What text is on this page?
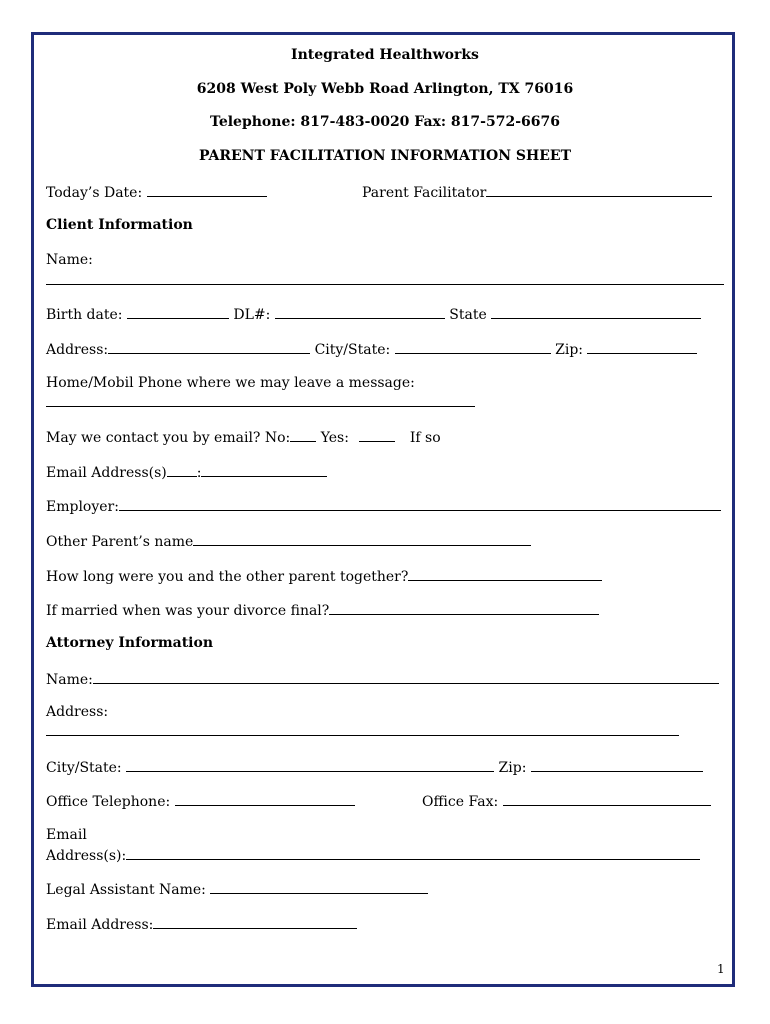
Integrated Healthworks
6208 West Poly Webb Road Arlington, TX 76016
Telephone: 817-483-0020 Fax: 817-572-6676
PARENT FACILITATION INFORMATION SHEET
Today’s Date:	Parent Facilitator
Client Information
Name:
Birth date:	DL#:	State
Address:	City/State:	Zip:
Home/Mobil Phone where we may leave a message:
May we contact you by email? No: Yes:	If so
Email Address(s) :
Employer:
Other Parent’s name
How long were you and the other parent together?
If married when was your divorce final?
Attorney Information
Name:
Address:
City/State:	Zip:
Office Telephone:	Office Fax:
Email
Address(s):
Legal Assistant Name:
Email Address:
1
